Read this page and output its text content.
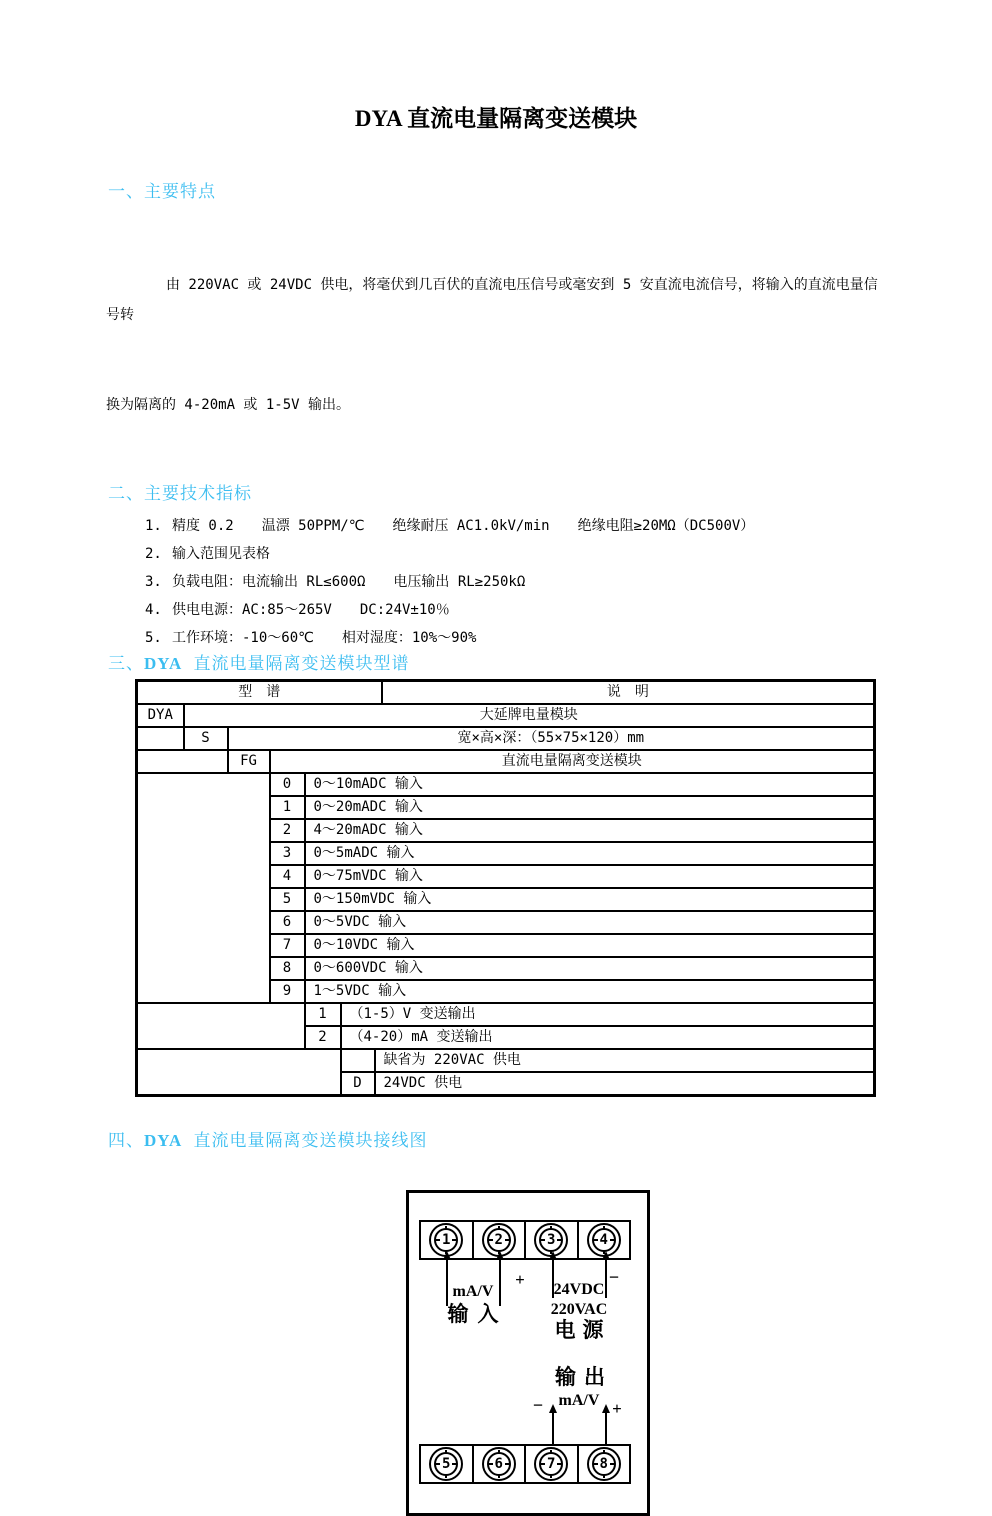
DYA 直流电量隔离变送模块
一、主要特点

由 220VAC 或 24VDC 供电，将毫伏到几百伏的直流电压信号或毫安到 5 安直流电流信号，将输入的直流电量信号转

换为隔离的 4-20mA 或 1-5V 输出。

二、主要技术指标
1. 精度 0.2　　温漂 50PPM/℃　　绝缘耐压 AC1.0kV/min　　绝缘电阻≥20MΩ（DC500V）
2. 输入范围见表格
3. 负载电阻：电流输出 RL≤600Ω　　电压输出 RL≥250kΩ
4. 供电电源：AC:85～265V　　DC:24V±10％
5. 工作环境：-10～60℃　　相对湿度：10%～90%
三、DYA 直流电量隔离变送模块型谱
型　谱							说　明
DYA	大延牌电量模块						
	S	宽×高×深：（55×75×120）mm					
		FG	直流电量隔离变送模块				
			0	0～10mADC 输入			
			1	0～20mADC 输入			
			2	4～20mADC 输入			
			3	0～5mADC 输入			
			4	0～75mVDC 输入			
			5	0～150mVDC 输入			
			6	0～5VDC 输入			
			7	0～10VDC 输入			
			8	0～600VDC 输入			
			9	1～5VDC 输入			
				1	（1-5）V 变送输出		
				2	（4-20）mA 变送输出		
						缺省为 220VAC 供电	
					D	24VDC 供电	
四、DYA 直流电量隔离变送模块接线图
1	2	3	4
mA/V
输入
+
24VDC
−
220VAC
电源
输出
mA/V
−	+
5	6	7	8
